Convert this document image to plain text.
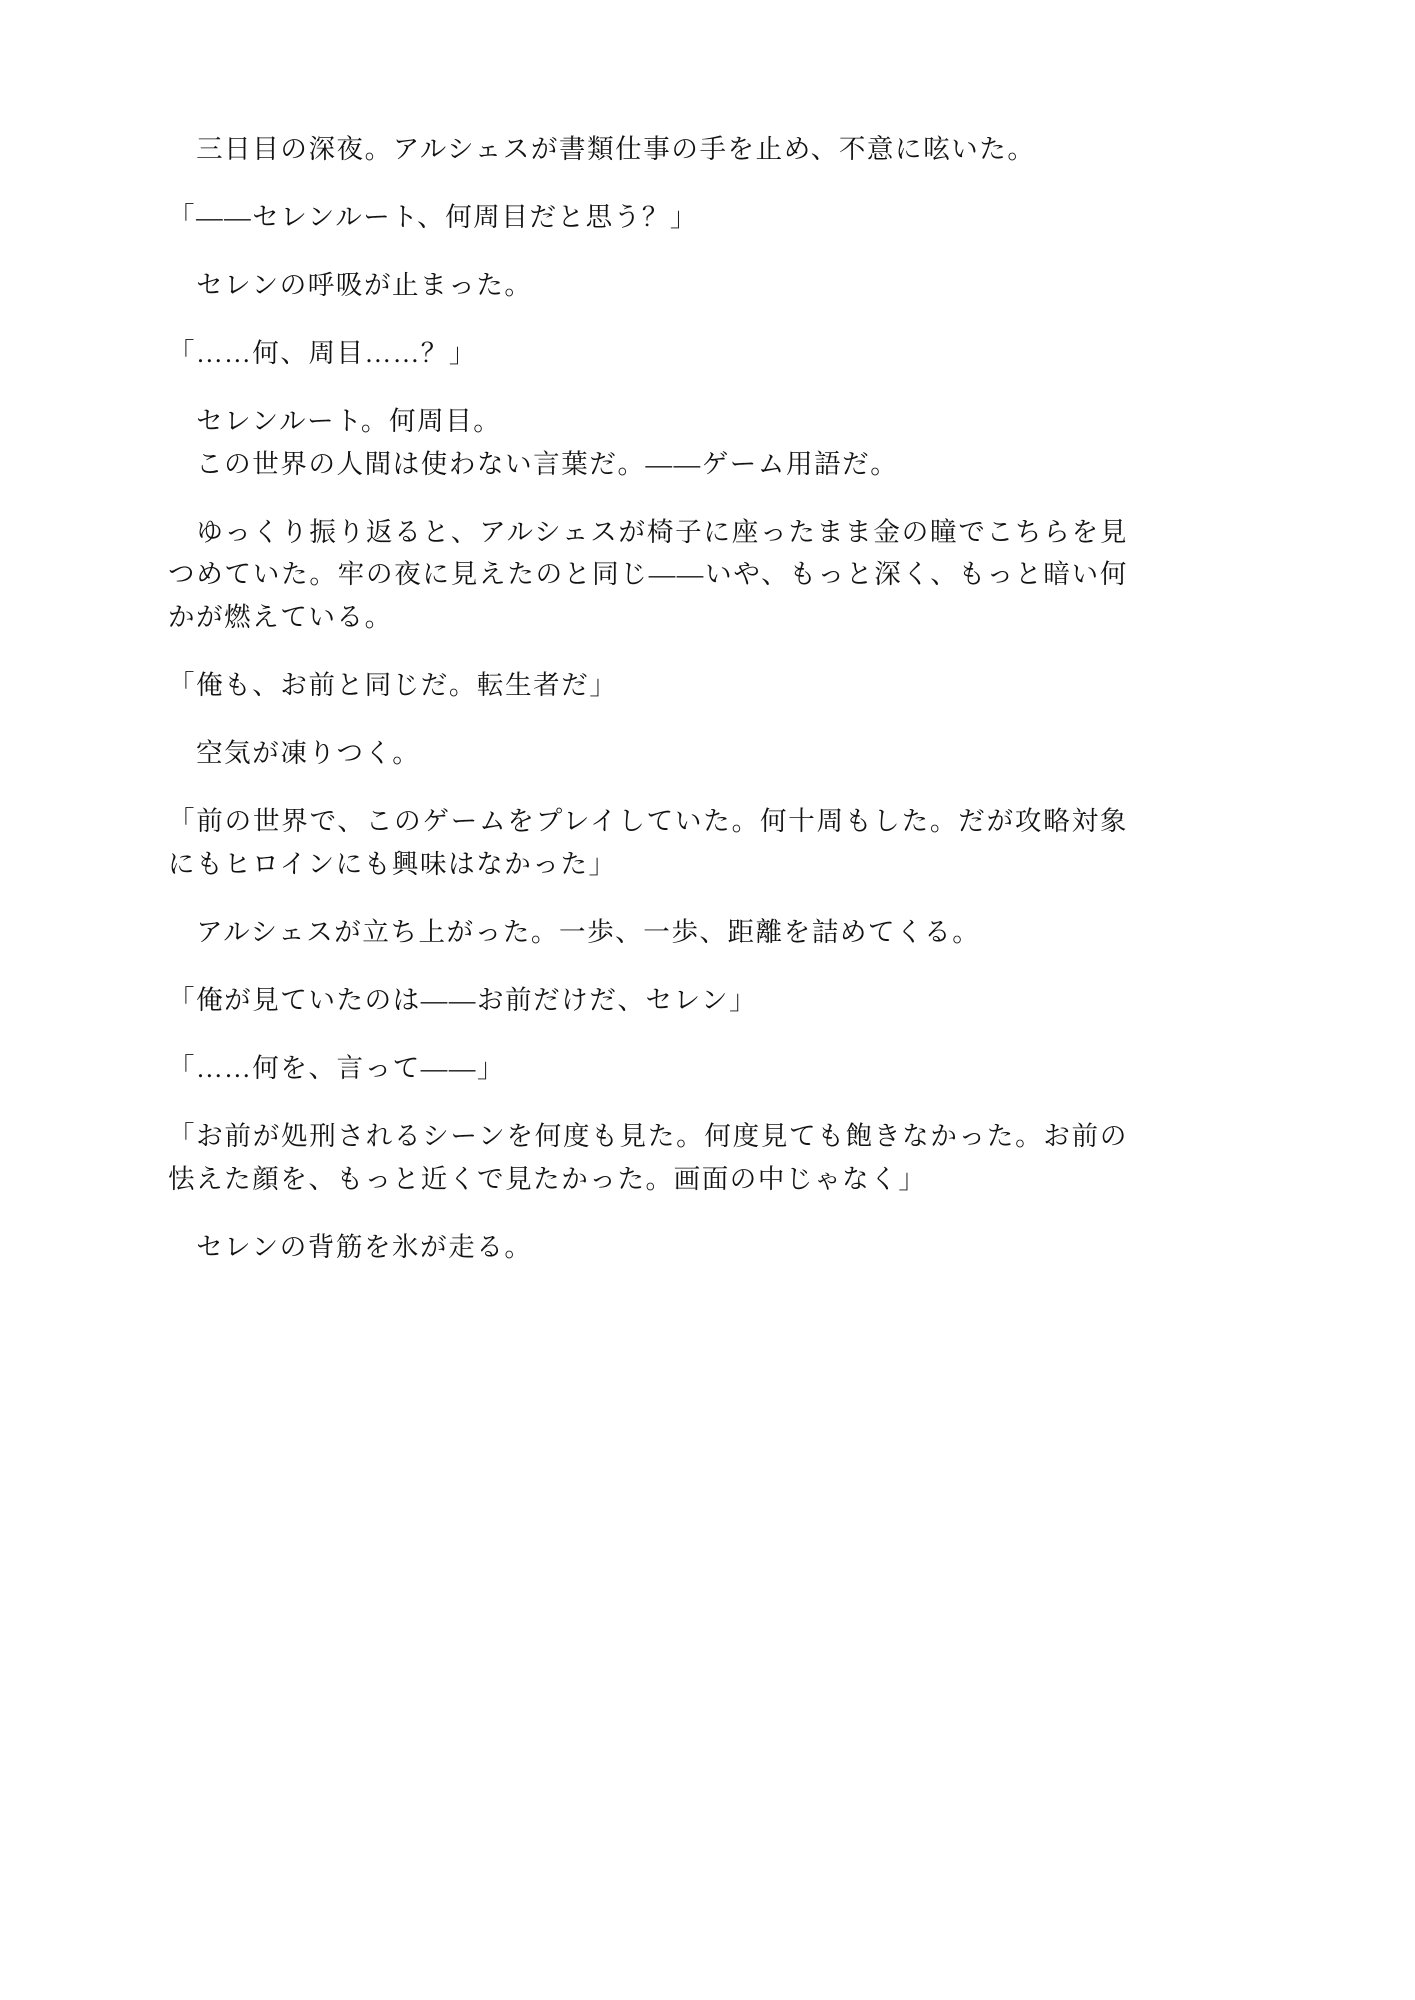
　三日目の深夜。アルシェスが書類仕事の手を止め、不意に呟いた。

「——セレンルート、何周目だと思う？」

　セレンの呼吸が止まった。

「……何、周目……？」

　セレンルート。何周目。

　この世界の人間は使わない言葉だ。——ゲーム用語だ。

　ゆっくり振り返ると、アルシェスが椅子に座ったまま金の瞳でこちらを見つめていた。牢の夜に見えたのと同じ——いや、もっと深く、もっと暗い何かが燃えている。

「俺も、お前と同じだ。転生者だ」

　空気が凍りつく。

「前の世界で、このゲームをプレイしていた。何十周もした。だが攻略対象にもヒロインにも興味はなかった」

　アルシェスが立ち上がった。一歩、一歩、距離を詰めてくる。

「俺が見ていたのは——お前だけだ、セレン」

「……何を、言って——」

「お前が処刑されるシーンを何度も見た。何度見ても飽きなかった。お前の怯えた顔を、もっと近くで見たかった。画面の中じゃなく」

　セレンの背筋を氷が走る。
